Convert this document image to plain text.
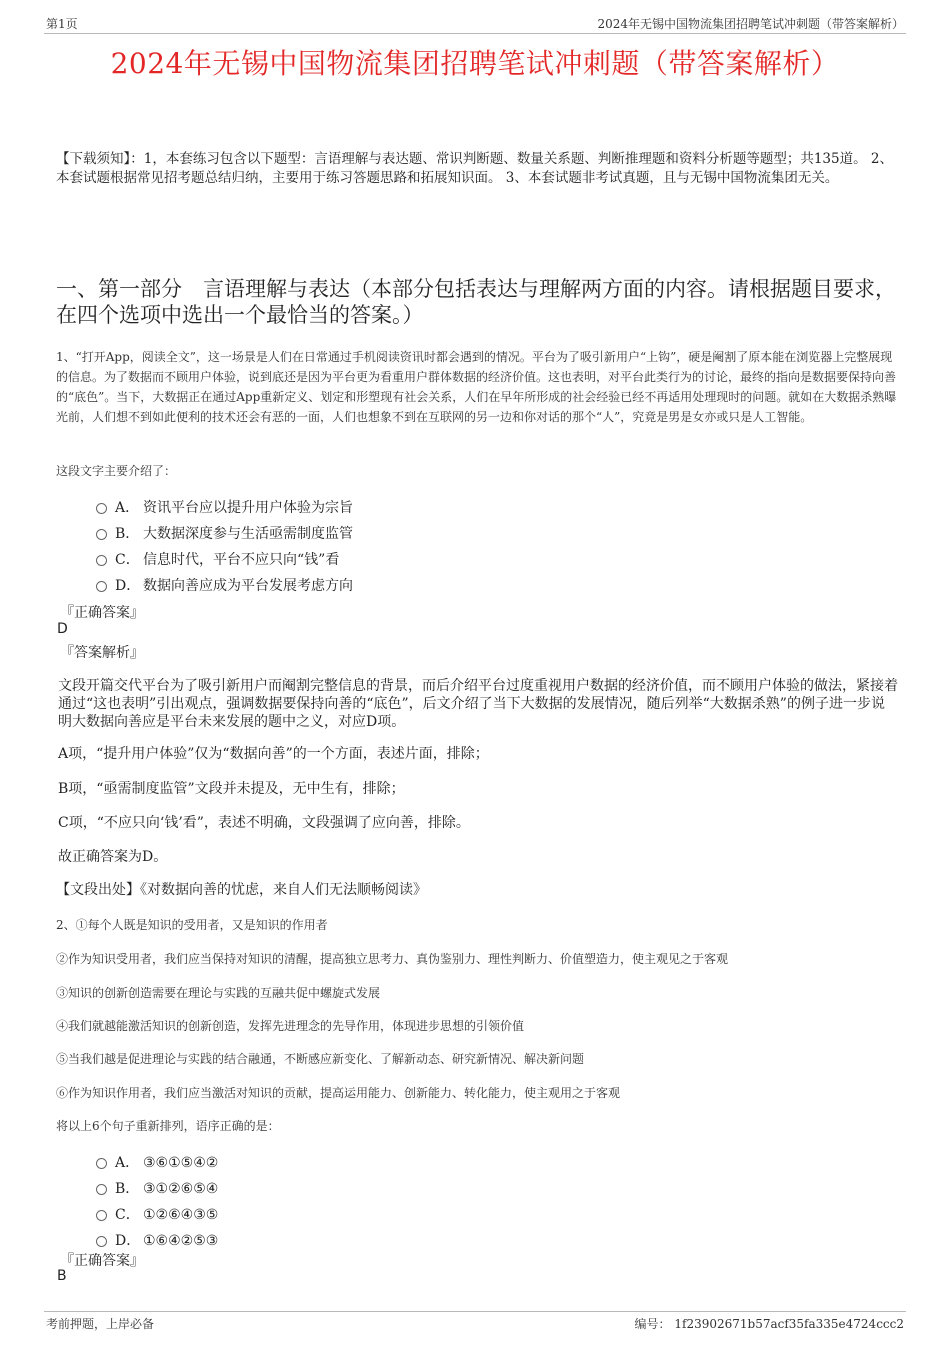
第1页	2024年无锡中国物流集团招聘笔试冲刺题（带答案解析）
2024年无锡中国物流集团招聘笔试冲刺题（带答案解析）
【下载须知】：1，本套练习包含以下题型：言语理解与表达题、常识判断题、数量关系题、判断推理题和资料分析题等题型；共135道。 2、本套试题根据常见招考题总结归纳，主要用于练习答题思路和拓展知识面。 3、本套试题非考试真题，且与无锡中国物流集团无关。
一、第一部分　言语理解与表达（本部分包括表达与理解两方面的内容。请根据题目要求，在四个选项中选出一个最恰当的答案。）
1、“打开App，阅读全文”，这一场景是人们在日常通过手机阅读资讯时都会遇到的情况。平台为了吸引新用户“上钩”，硬是阉割了原本能在浏览器上完整展现的信息。为了数据而不顾用户体验，说到底还是因为平台更为看重用户群体数据的经济价值。这也表明，对平台此类行为的讨论，最终的指向是数据要保持向善的“底色”。当下，大数据正在通过App重新定义、划定和形塑现有社会关系，人们在早年所形成的社会经验已经不再适用处理现时的问题。就如在大数据杀熟曝光前，人们想不到如此便利的技术还会有恶的一面，人们也想象不到在互联网的另一边和你对话的那个“人”，究竟是男是女亦或只是人工智能。
这段文字主要介绍了：
A． 资讯平台应以提升用户体验为宗旨
B． 大数据深度参与生活亟需制度监管
C． 信息时代，平台不应只向“钱”看
D． 数据向善应成为平台发展考虑方向
『正确答案』
D
『答案解析』
文段开篇交代平台为了吸引新用户而阉割完整信息的背景，而后介绍平台过度重视用户数据的经济价值，而不顾用户体验的做法，紧接着通过“这也表明”引出观点，强调数据要保持向善的“底色”，后文介绍了当下大数据的发展情况，随后列举“大数据杀熟”的例子进一步说明大数据向善应是平台未来发展的题中之义，对应D项。
A项，“提升用户体验”仅为“数据向善”的一个方面，表述片面，排除；
B项，“亟需制度监管”文段并未提及，无中生有，排除；
C项，“不应只向‘钱’看”，表述不明确，文段强调了应向善，排除。
故正确答案为D。
【文段出处】《对数据向善的忧虑，来自人们无法顺畅阅读》
2、①每个人既是知识的受用者，又是知识的作用者
②作为知识受用者，我们应当保持对知识的清醒，提高独立思考力、真伪鉴别力、理性判断力、价值塑造力，使主观见之于客观
③知识的创新创造需要在理论与实践的互融共促中螺旋式发展
④我们就越能激活知识的创新创造，发挥先进理念的先导作用，体现进步思想的引领价值
⑤当我们越是促进理论与实践的结合融通，不断感应新变化、了解新动态、研究新情况、解决新问题
⑥作为知识作用者，我们应当激活对知识的贡献，提高运用能力、创新能力、转化能力，使主观用之于客观
将以上6个句子重新排列，语序正确的是：
A． ③⑥①⑤④②
B． ③①②⑥⑤④
C． ①②⑥④③⑤
D． ①⑥④②⑤③
『正确答案』
B
考前押题，上岸必备	编号： 1f23902671b57acf35fa335e4724ccc2
